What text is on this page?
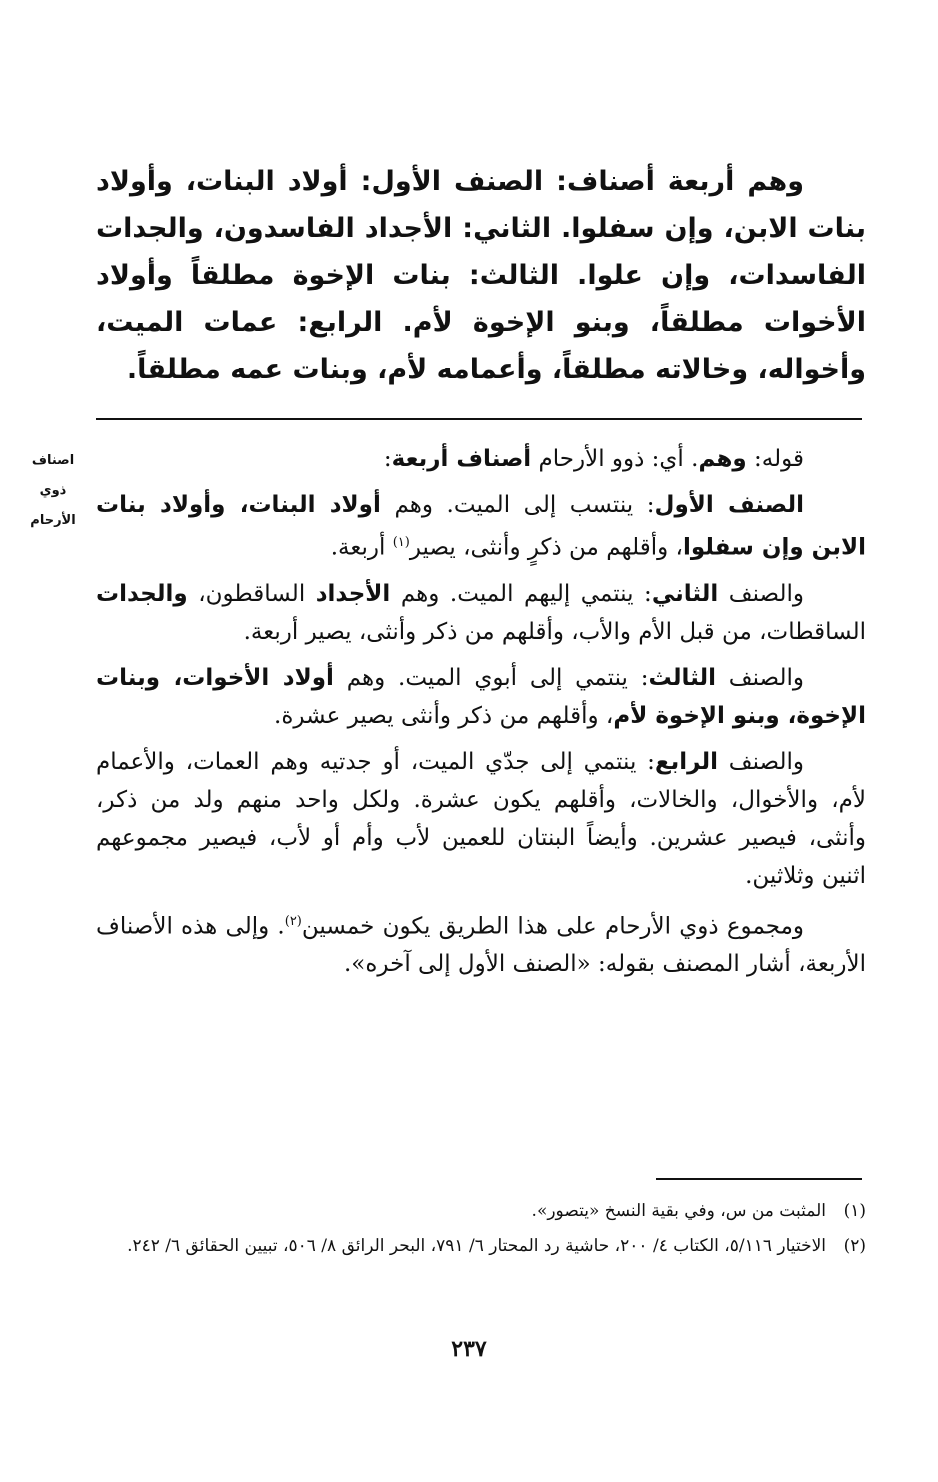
وهم أربعة أصناف: الصنف الأول: أولاد البنات، وأولاد بنات الابن، وإن سفلوا. الثاني: الأجداد الفاسدون، والجدات الفاسدات، وإن علوا. الثالث: بنات الإخوة مطلقاً وأولاد الأخوات مطلقاً، وبنو الإخوة لأم. الرابع: عمات الميت، وأخواله، وخالاته مطلقاً، وأعمامه لأم، وبنات عمه مطلقاً.

اصناف
ذوي
الأرحام

قوله: وهم. أي: ذوو الأرحام أصناف أربعة:

الصنف الأول: ينتسب إلى الميت. وهم أولاد البنات، وأولاد بنات الابن وإن سفلوا، وأقلهم من ذكرٍ وأنثى، يصير$^{(١)}$ أربعة.

والصنف الثاني: ينتمي إليهم الميت. وهم الأجداد الساقطون، والجدات الساقطات، من قبل الأم والأب، وأقلهم من ذكر وأنثى، يصير أربعة.

والصنف الثالث: ينتمي إلى أبوي الميت. وهم أولاد الأخوات، وبنات الإخوة، وبنو الإخوة لأم، وأقلهم من ذكر وأنثى يصير عشرة.

والصنف الرابع: ينتمي إلى جدّي الميت، أو جدتيه وهم العمات، والأعمام لأم، والأخوال، والخالات، وأقلهم يكون عشرة. ولكل واحد منهم ولد من ذكر، وأنثى، فيصير عشرين. وأيضاً البنتان للعمين لأب وأم أو لأب، فيصير مجموعهم اثنين وثلاثين.

ومجموع ذوي الأرحام على هذا الطريق يكون خمسين$^{(٢)}$. وإلى هذه الأصناف الأربعة، أشار المصنف بقوله: «الصنف الأول إلى آخره».

(١)المثبت من س، وفي بقية النسخ «يتصور».

(٢)الاختيار ٥/١١٦، الكتاب ٤/ ٢٠٠، حاشية رد المحتار ٦/ ٧٩١، البحر الرائق ٨/ ٥٠٦، تبيين الحقائق ٦/ ٢٤٢.

٢٣٧
